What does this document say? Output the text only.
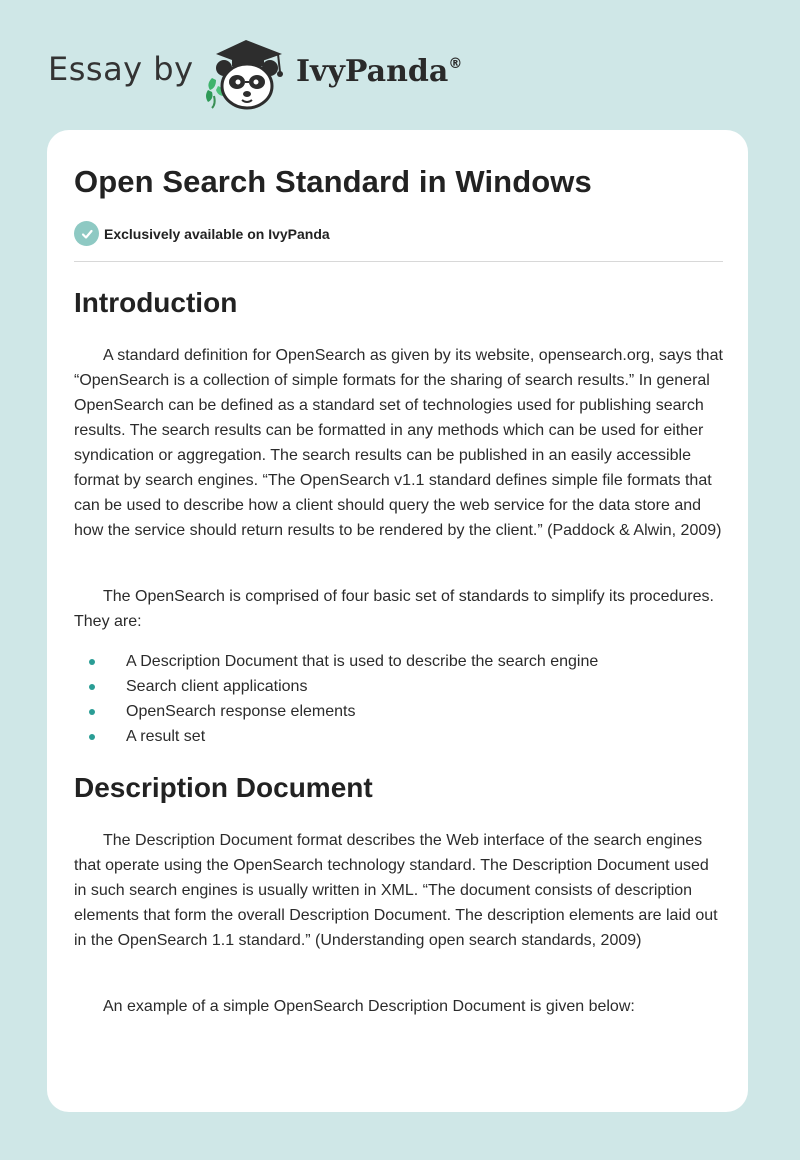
Essay by	IvyPanda®
Open Search Standard in Windows
Exclusively available on IvyPanda
Introduction

A standard definition for OpenSearch as given by its website, opensearch.org, says that “OpenSearch is a collection of simple formats for the sharing of search results.” In general OpenSearch can be defined as a standard set of technologies used for publishing search results. The search results can be formatted in any methods which can be used for either syndication or aggregation. The search results can be published in an easily accessible format by search engines. “The OpenSearch v1.1 standard defines simple file formats that can be used to describe how a client should query the web service for the data store and how the service should return results to be rendered by the client.” (Paddock & Alwin, 2009)

The OpenSearch is comprised of four basic set of standards to simplify its procedures. They are:

A Description Document that is used to describe the search engine
Search client applications
OpenSearch response elements
A result set
Description Document

The Description Document format describes the Web interface of the search engines that operate using the OpenSearch technology standard. The Description Document used in such search engines is usually written in XML. “The document consists of description elements that form the overall Description Document. The description elements are laid out in the OpenSearch 1.1 standard.” (Understanding open search standards, 2009)

An example of a simple OpenSearch Description Document is given below:
